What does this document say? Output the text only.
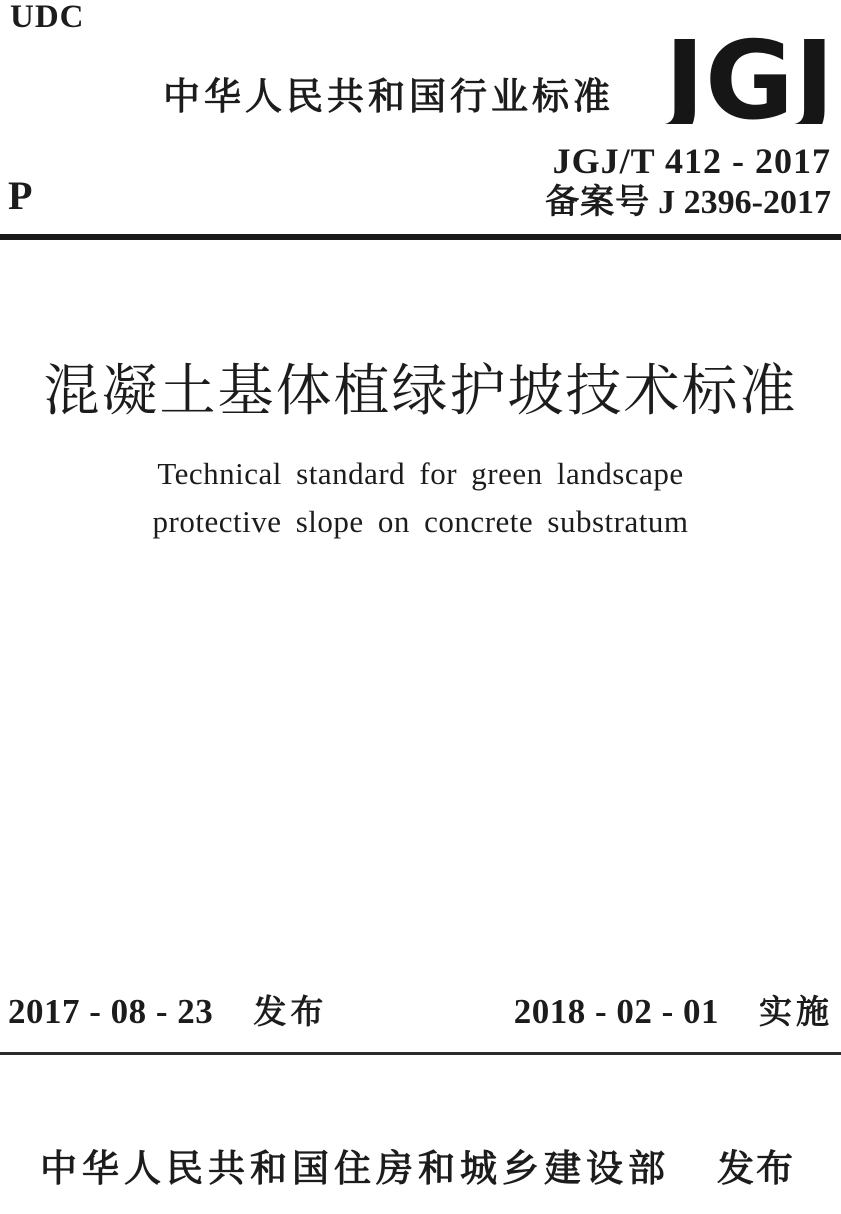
UDC
中华人民共和国行业标准 JGJ
JGJ/T 412 - 2017
备案号 J 2396-2017
P
混凝土基体植绿护坡技术标准
Technical standard for green landscape
protective slope on concrete substratum
2017 - 08 - 23 发布	2018 - 02 - 01 实施
中华人民共和国住房和城乡建设部 发布
